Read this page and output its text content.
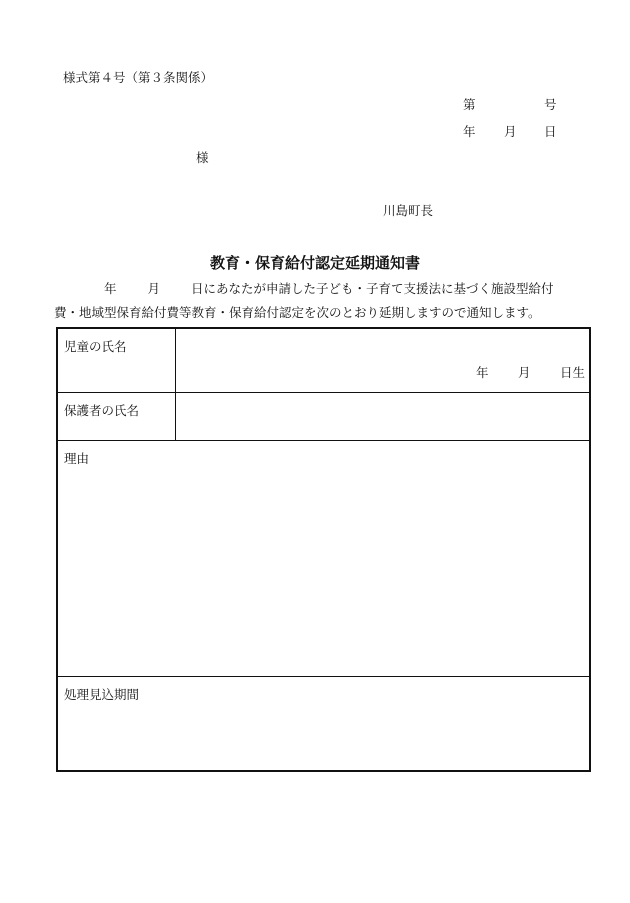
様式第４号（第３条関係）
第	号
年 月 日
様
川島町長
教育・保育給付認定延期通知書
年 月 日にあなたが申請した子ども・子育て支援法に基づく施設型給付
費・地域型保育給付費等教育・保育給付認定を次のとおり延期しますので通知します。
児童の氏名
年 月 日生
保護者の氏名
理由
処理見込期間
